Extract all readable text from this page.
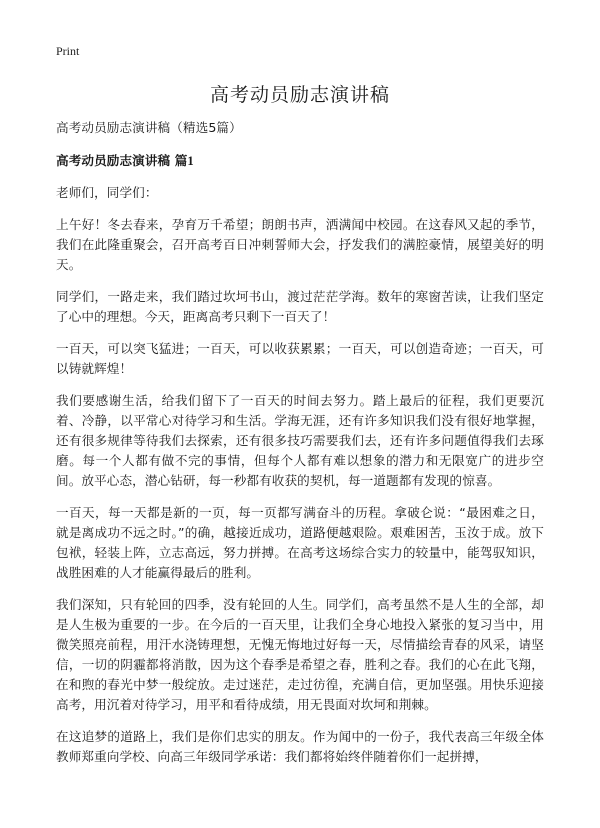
Print
高考动员励志演讲稿

高考动员励志演讲稿（精选5篇）

高考动员励志演讲稿 篇1

老师们，同学们：

上午好！冬去春来，孕育万千希望；朗朗书声，洒满闻中校园。在这春风又起的季节，我们在此隆重聚会，召开高考百日冲刺誓师大会，抒发我们的满腔豪情，展望美好的明天。

同学们，一路走来，我们踏过坎坷书山，渡过茫茫学海。数年的寒窗苦读，让我们坚定了心中的理想。今天，距离高考只剩下一百天了！

一百天，可以突飞猛进；一百天，可以收获累累；一百天，可以创造奇迹；一百天，可以铸就辉煌！

我们要感谢生活，给我们留下了一百天的时间去努力。踏上最后的征程，我们更要沉着、冷静，以平常心对待学习和生活。学海无涯，还有许多知识我们没有很好地掌握，还有很多规律等待我们去探索，还有很多技巧需要我们去，还有许多问题值得我们去琢磨。每一个人都有做不完的事情，但每个人都有难以想象的潜力和无限宽广的进步空间。放平心态，潜心钻研，每一秒都有收获的契机，每一道题都有发现的惊喜。

一百天，每一天都是新的一页，每一页都写满奋斗的历程。拿破仑说：“最困难之日，就是离成功不远之时。”的确，越接近成功，道路便越艰险。艰难困苦，玉汝于成。放下包袱，轻装上阵，立志高远，努力拼搏。在高考这场综合实力的较量中，能驾驭知识，战胜困难的人才能赢得最后的胜利。

我们深知，只有轮回的四季，没有轮回的人生。同学们，高考虽然不是人生的全部，却是人生极为重要的一步。在今后的一百天里，让我们全身心地投入紧张的复习当中，用微笑照亮前程，用汗水浇铸理想，无愧无悔地过好每一天，尽情描绘青春的风采，请坚信，一切的阴霾都将消散，因为这个春季是希望之春，胜利之春。我们的心在此飞翔，在和煦的春光中梦一般绽放。走过迷茫，走过彷徨，充满自信，更加坚强。用快乐迎接高考，用沉着对待学习，用平和看待成绩，用无畏面对坎坷和荆棘。

在这追梦的道路上，我们是你们忠实的朋友。作为闻中的一份子，我代表高三年级全体教师郑重向学校、向高三年级同学承诺：我们都将始终伴随着你们一起拼搏，
